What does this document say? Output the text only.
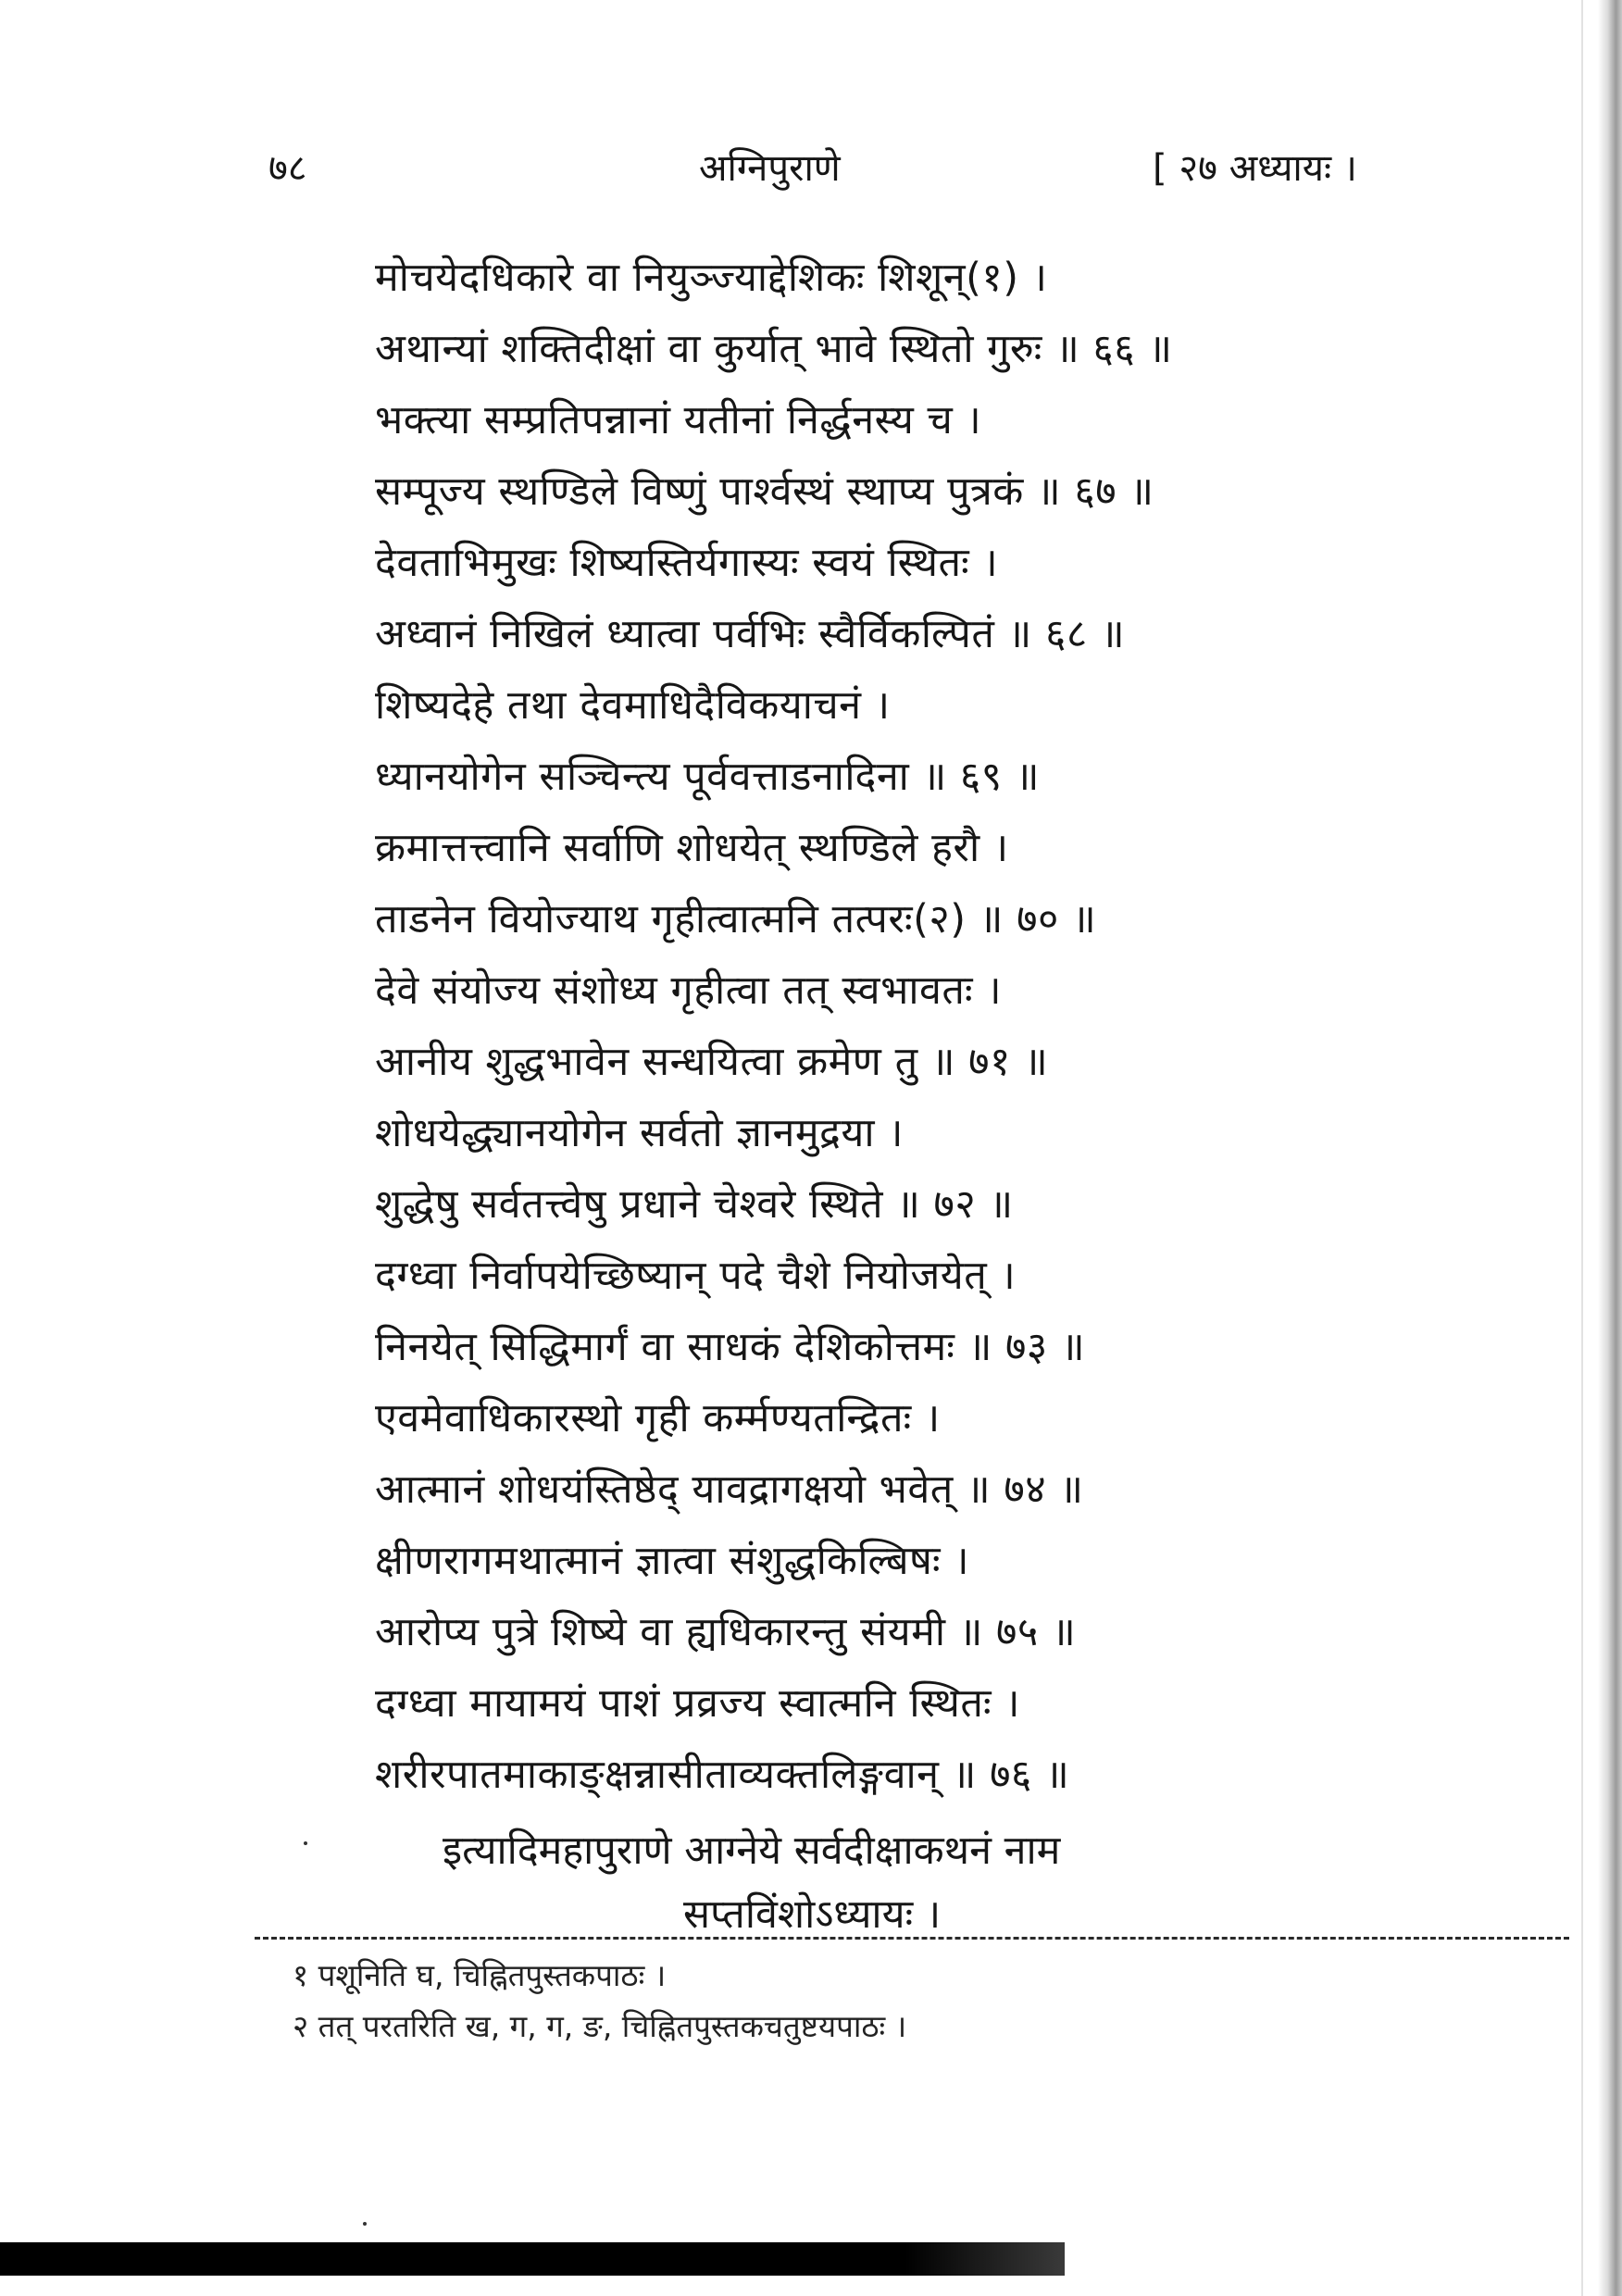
७८	अग्निपुराणे	[ २७ अध्यायः ।
मोचयेदधिकारे वा नियुञ्ज्याद्देशिकः शिशून्(१) ।
अथान्यां शक्तिदीक्षां वा कुर्यात् भावे स्थितो गुरुः ॥ ६६ ॥
भक्त्या सम्प्रतिपन्नानां यतीनां निर्द्धनस्य च ।
सम्पूज्य स्थण्डिले विष्णुं पार्श्वस्थं स्थाप्य पुत्रकं ॥ ६७ ॥
देवताभिमुखः शिष्यस्तिर्यगास्यः स्वयं स्थितः ।
अध्वानं निखिलं ध्यात्वा पर्वभिः स्वैर्विकल्पितं ॥ ६८ ॥
शिष्यदेहे तथा देवमाधिदैविकयाचनं ।
ध्यानयोगेन सञ्चिन्त्य पूर्ववत्ताडनादिना ॥ ६९ ॥
क्रमात्तत्त्वानि सर्वाणि शोधयेत् स्थण्डिले हरौ ।
ताडनेन वियोज्याथ गृहीत्वात्मनि तत्परः(२) ॥ ७० ॥
देवे संयोज्य संशोध्य गृहीत्वा तत् स्वभावतः ।
आनीय शुद्धभावेन सन्धयित्वा क्रमेण तु ॥ ७१ ॥
शोधयेद्ध्यानयोगेन सर्वतो ज्ञानमुद्रया ।
शुद्धेषु सर्वतत्त्वेषु प्रधाने चेश्वरे स्थिते ॥ ७२ ॥
दग्ध्वा निर्वापयेच्छिष्यान् पदे चैशे नियोजयेत् ।
निनयेत् सिद्धिमार्गं वा साधकं देशिकोत्तमः ॥ ७३ ॥
एवमेवाधिकारस्थो गृही कर्म्मण्यतन्द्रितः ।
आत्मानं शोधयंस्तिष्ठेद् यावद्रागक्षयो भवेत् ॥ ७४ ॥
क्षीणरागमथात्मानं ज्ञात्वा संशुद्धकिल्बिषः ।
आरोप्य पुत्रे शिष्ये वा ह्यधिकारन्तु संयमी ॥ ७५ ॥
दग्ध्वा मायामयं पाशं प्रव्रज्य स्वात्मनि स्थितः ।
शरीरपातमाकाङ्क्षन्नासीताव्यक्तलिङ्गवान् ॥ ७६ ॥
इत्यादिमहापुराणे आग्नेये सर्वदीक्षाकथनं नाम
सप्तविंशोऽध्यायः ।
१ पशूनिति घ, चिह्नितपुस्तकपाठः ।
२ तत् परतरिति ख, ग, ग, ङ, चिह्नितपुस्तकचतुष्टयपाठः ।
